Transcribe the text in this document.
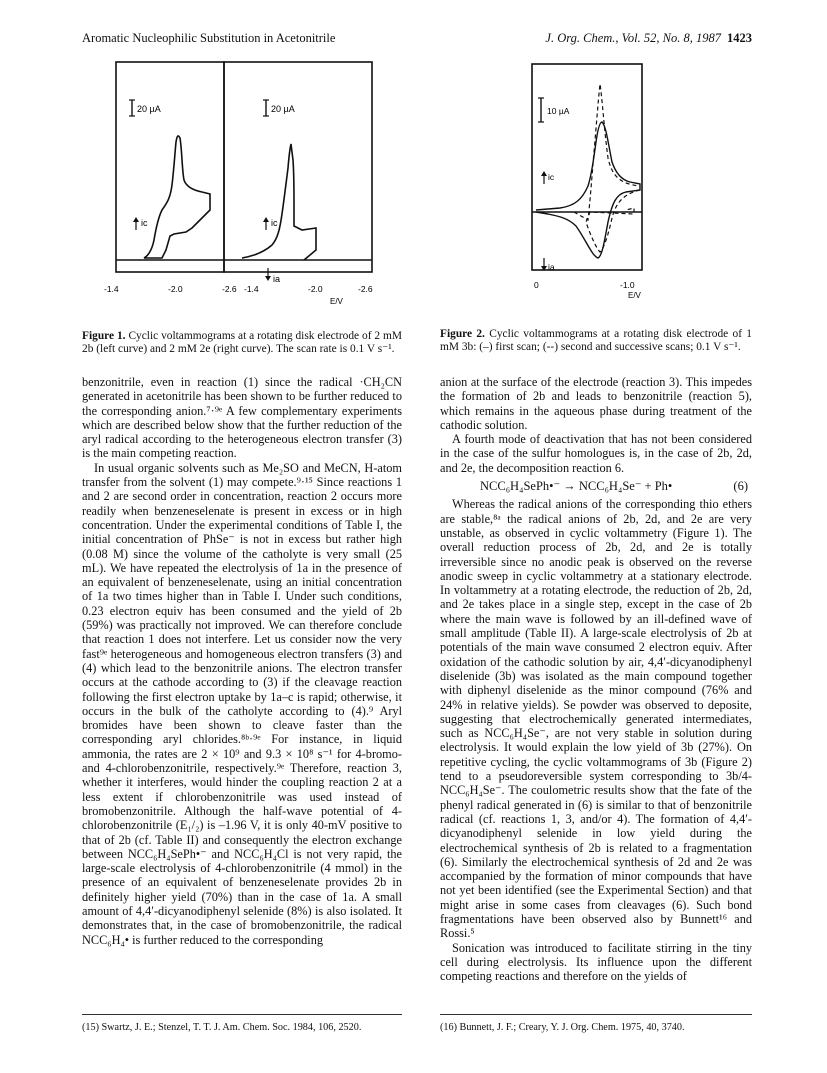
Aromatic Nucleophilic Substitution in Acetonitrile	J. Org. Chem., Vol. 52, No. 8, 1987 1423
20 µA	20 µA
ic	ic
ia
-1.4	-2.0	-2.6 -1.4	-2.0	-2.6
E/V
Figure 1. Cyclic voltammograms at a rotating disk electrode of 2 mM 2b (left curve) and 2 mM 2e (right curve). The scan rate is 0.1 V s⁻¹.
10 µA
ic
ia
0	-1.0
E/V
Figure 2. Cyclic voltammograms at a rotating disk electrode of 1 mM 3b: (–) first scan; (--) second and successive scans; 0.1 V s⁻¹.

benzonitrile, even in reaction (1) since the radical ·CH₂CN generated in acetonitrile has been shown to be further reduced to the corresponding anion.⁷·⁹ᵉ A few complementary experiments which are described below show that the further reduction of the aryl radical according to the heterogeneous electron transfer (3) is the main competing reaction.

In usual organic solvents such as Me₂SO and MeCN, H-atom transfer from the solvent (1) may compete.⁹·¹⁵ Since reactions 1 and 2 are second order in concentration, reaction 2 occurs more readily when benzeneselenate is present in excess or in high concentration. Under the experimental conditions of Table I, the initial concentration of PhSe⁻ is not in excess but rather high (0.08 M) since the volume of the catholyte is very small (25 mL). We have repeated the electrolysis of 1a in the presence of an equivalent of benzeneselenate, using an initial concentration of 1a two times higher than in Table I. Under such conditions, 0.23 electron equiv has been consumed and the yield of 2b (59%) was practically not improved. We can therefore conclude that reaction 1 does not interfere. Let us consider now the very fast⁹ᵉ heterogeneous and homogeneous electron transfers (3) and (4) which lead to the benzonitrile anions. The electron transfer occurs at the cathode according to (3) if the cleavage reaction following the first electron uptake by 1a–c is rapid; otherwise, it occurs in the bulk of the catholyte according to (4).⁹ Aryl bromides have been shown to cleave faster than the corresponding aryl chlorides.⁸ᵇ·⁹ᵉ For instance, in liquid ammonia, the rates are 2 × 10⁹ and 9.3 × 10⁸ s⁻¹ for 4-bromo- and 4-chlorobenzonitrile, respectively.⁹ᵉ Therefore, reaction 3, whether it interferes, would hinder the coupling reaction 2 at a less extent if chlorobenzonitrile was used instead of bromobenzonitrile. Although the half-wave potential of 4-chlorobenzonitrile (E₁/₂) is –1.96 V, it is only 40-mV positive to that of 2b (cf. Table II) and consequently the electron exchange between NCC₆H₄SePh•⁻ and NCC₆H₄Cl is not very rapid, the large-scale electrolysis of 4-chlorobenzonitrile (4 mmol) in the presence of an equivalent of benzeneselenate provides 2b in definitely higher yield (70%) than in the case of 1a. A small amount of 4,4′-dicyanodiphenyl selenide (8%) is also isolated. It demonstrates that, in the case of bromobenzonitrile, the radical NCC₆H₄• is further reduced to the corresponding

anion at the surface of the electrode (reaction 3). This impedes the formation of 2b and leads to benzonitrile (reaction 5), which remains in the aqueous phase during treatment of the cathodic solution.

A fourth mode of deactivation that has not been considered in the case of the sulfur homologues is, in the case of 2b, 2d, and 2e, the decomposition reaction 6.

NCC₆H₄SePh•⁻ → NCC₆H₄Se⁻ + Ph•	(6)

Whereas the radical anions of the corresponding thio ethers are stable,⁸ᵃ the radical anions of 2b, 2d, and 2e are very unstable, as observed in cyclic voltammetry (Figure 1). The overall reduction process of 2b, 2d, and 2e is totally irreversible since no anodic peak is observed on the reverse anodic sweep in cyclic voltammetry at a stationary electrode. In voltammetry at a rotating electrode, the reduction of 2b, 2d, and 2e takes place in a single step, except in the case of 2b where the main wave is followed by an ill-defined wave of small amplitude (Table II). A large-scale electrolysis of 2b at potentials of the main wave consumed 2 electron equiv. After oxidation of the cathodic solution by air, 4,4′-dicyanodiphenyl diselenide (3b) was isolated as the main compound together with diphenyl diselenide as the minor compound (76% and 24% in relative yields). Se powder was observed to deposite, suggesting that electrochemically generated intermediates, such as NCC₆H₄Se⁻, are not very stable in solution during electrolysis. It would explain the low yield of 3b (27%). On repetitive cycling, the cyclic voltammograms of 3b (Figure 2) tend to a pseudoreversible system corresponding to 3b/4-NCC₆H₄Se⁻. The coulometric results show that the fate of the phenyl radical generated in (6) is similar to that of benzonitrile radical (cf. reactions 1, 3, and/or 4). The formation of 4,4′-dicyanodiphenyl selenide in low yield during the electrochemical synthesis of 2b is related to a fragmentation (6). Similarly the electrochemical synthesis of 2d and 2e was accompanied by the formation of minor compounds that have not yet been identified (see the Experimental Section) and that might arise in some cases from cleavages (6). Such bond fragmentations have been observed also by Bunnett¹⁶ and Rossi.⁵

Sonication was introduced to facilitate stirring in the tiny cell during electrolysis. Its influence upon the different competing reactions and therefore on the yields of

(15) Swartz, J. E.; Stenzel, T. T. J. Am. Chem. Soc. 1984, 106, 2520.	(16) Bunnett, J. F.; Creary, Y. J. Org. Chem. 1975, 40, 3740.
